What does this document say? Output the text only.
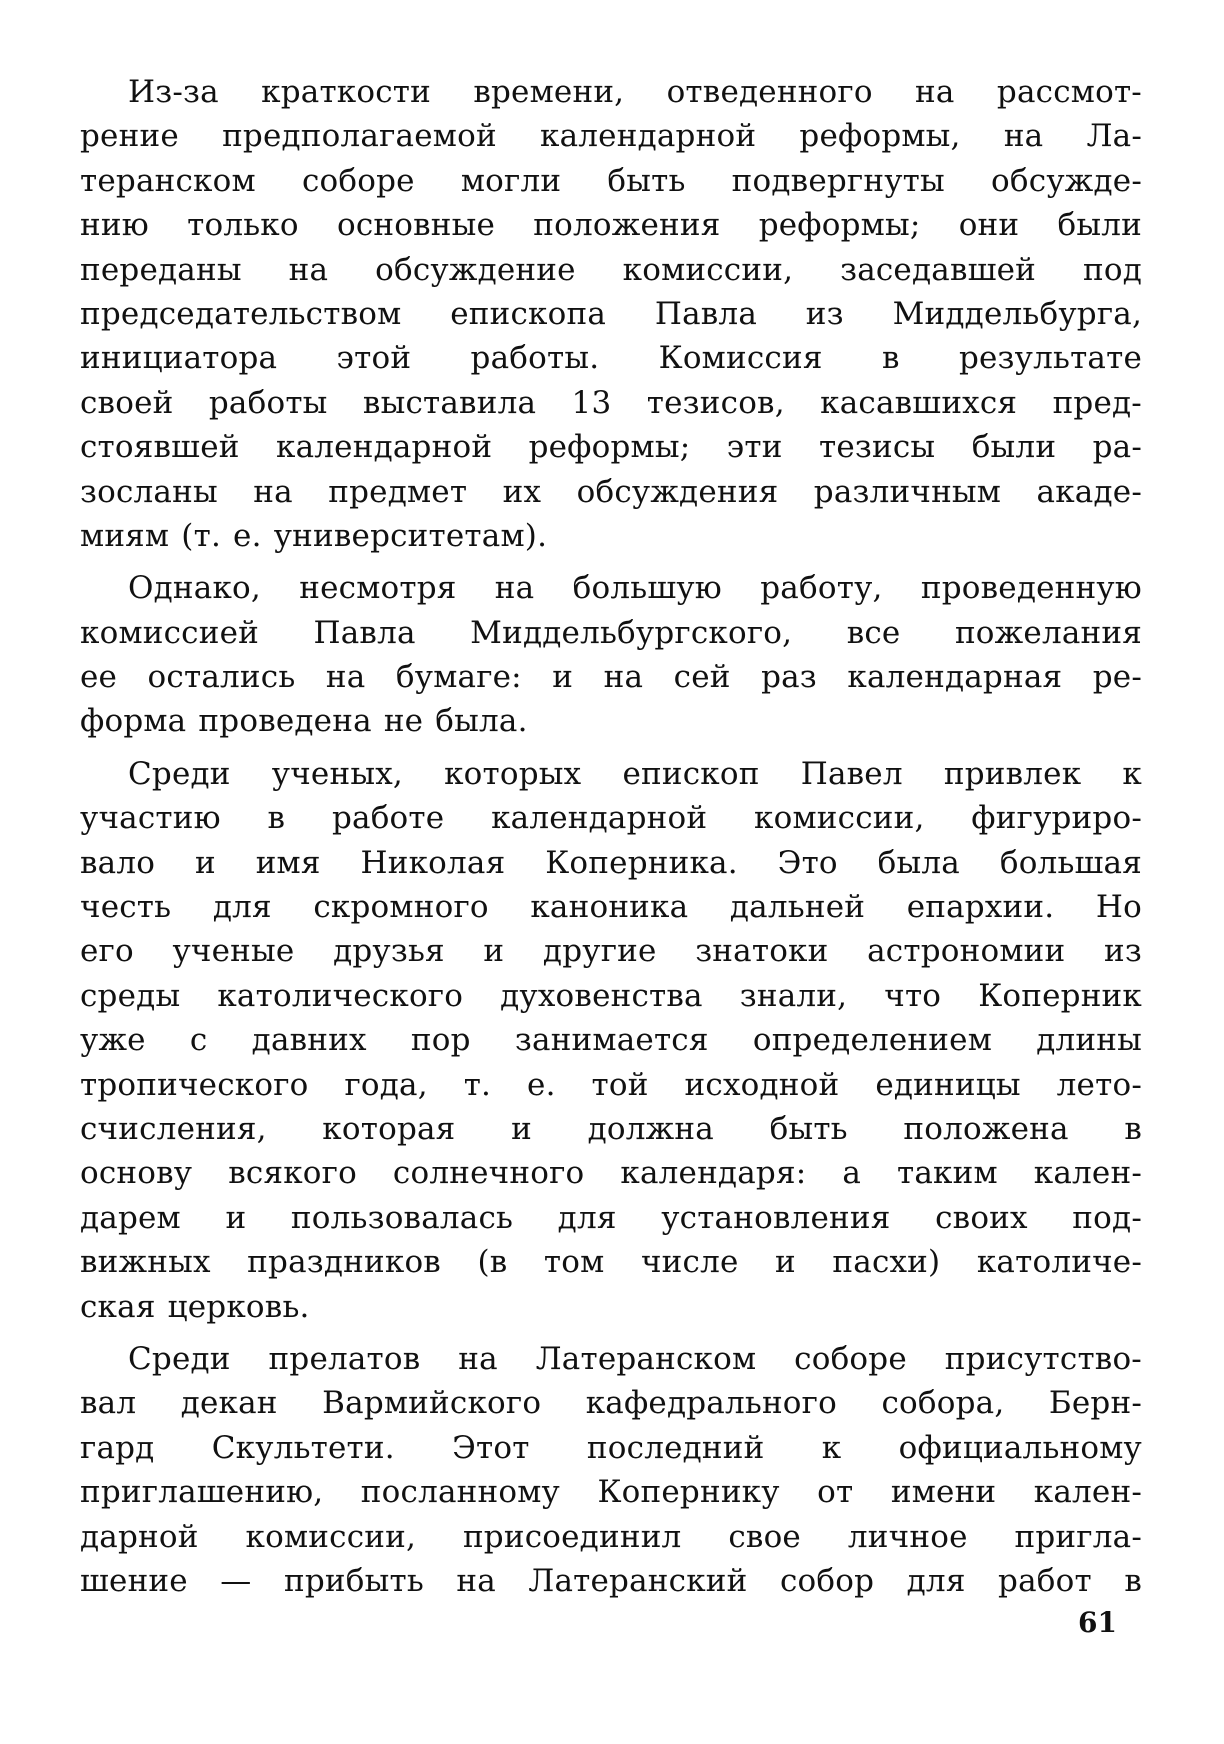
Из-за краткости времени, отведенного на рассмот-
рение предполагаемой календарной реформы, на Ла-
теранском соборе могли быть подвергнуты обсужде-
нию только основные положения реформы; они были
переданы на обсуждение комиссии, заседавшей под
председательством епископа Павла из Миддельбурга,
инициатора этой работы. Комиссия в результате
своей работы выставила 13 тезисов, касавшихся пред-
стоявшей календарной реформы; эти тезисы были ра-
зосланы на предмет их обсуждения различным акаде-
миям (т. е. университетам).

Однако, несмотря на большую работу, проведенную
комиссией Павла Миддельбургского, все пожелания
ее остались на бумаге: и на сей раз календарная ре-
форма проведена не была.

Среди ученых, которых епископ Павел привлек к
участию в работе календарной комиссии, фигуриро-
вало и имя Николая Коперника. Это была большая
честь для скромного каноника дальней епархии. Но
его ученые друзья и другие знатоки астрономии из
среды католического духовенства знали, что Коперник
уже с давних пор занимается определением длины
тропического года, т. е. той исходной единицы лето-
счисления, которая и должна быть положена в
основу всякого солнечного календаря: а таким кален-
дарем и пользовалась для установления своих под-
вижных праздников (в том числе и пасхи) католиче-
ская церковь.

Среди прелатов на Латеранском соборе присутство-
вал декан Вармийского кафедрального собора, Берн-
гард Скультети. Этот последний к официальному
приглашению, посланному Копернику от имени кален-
дарной комиссии, присоединил свое личное пригла-
шение — прибыть на Латеранский собор для работ в

61
